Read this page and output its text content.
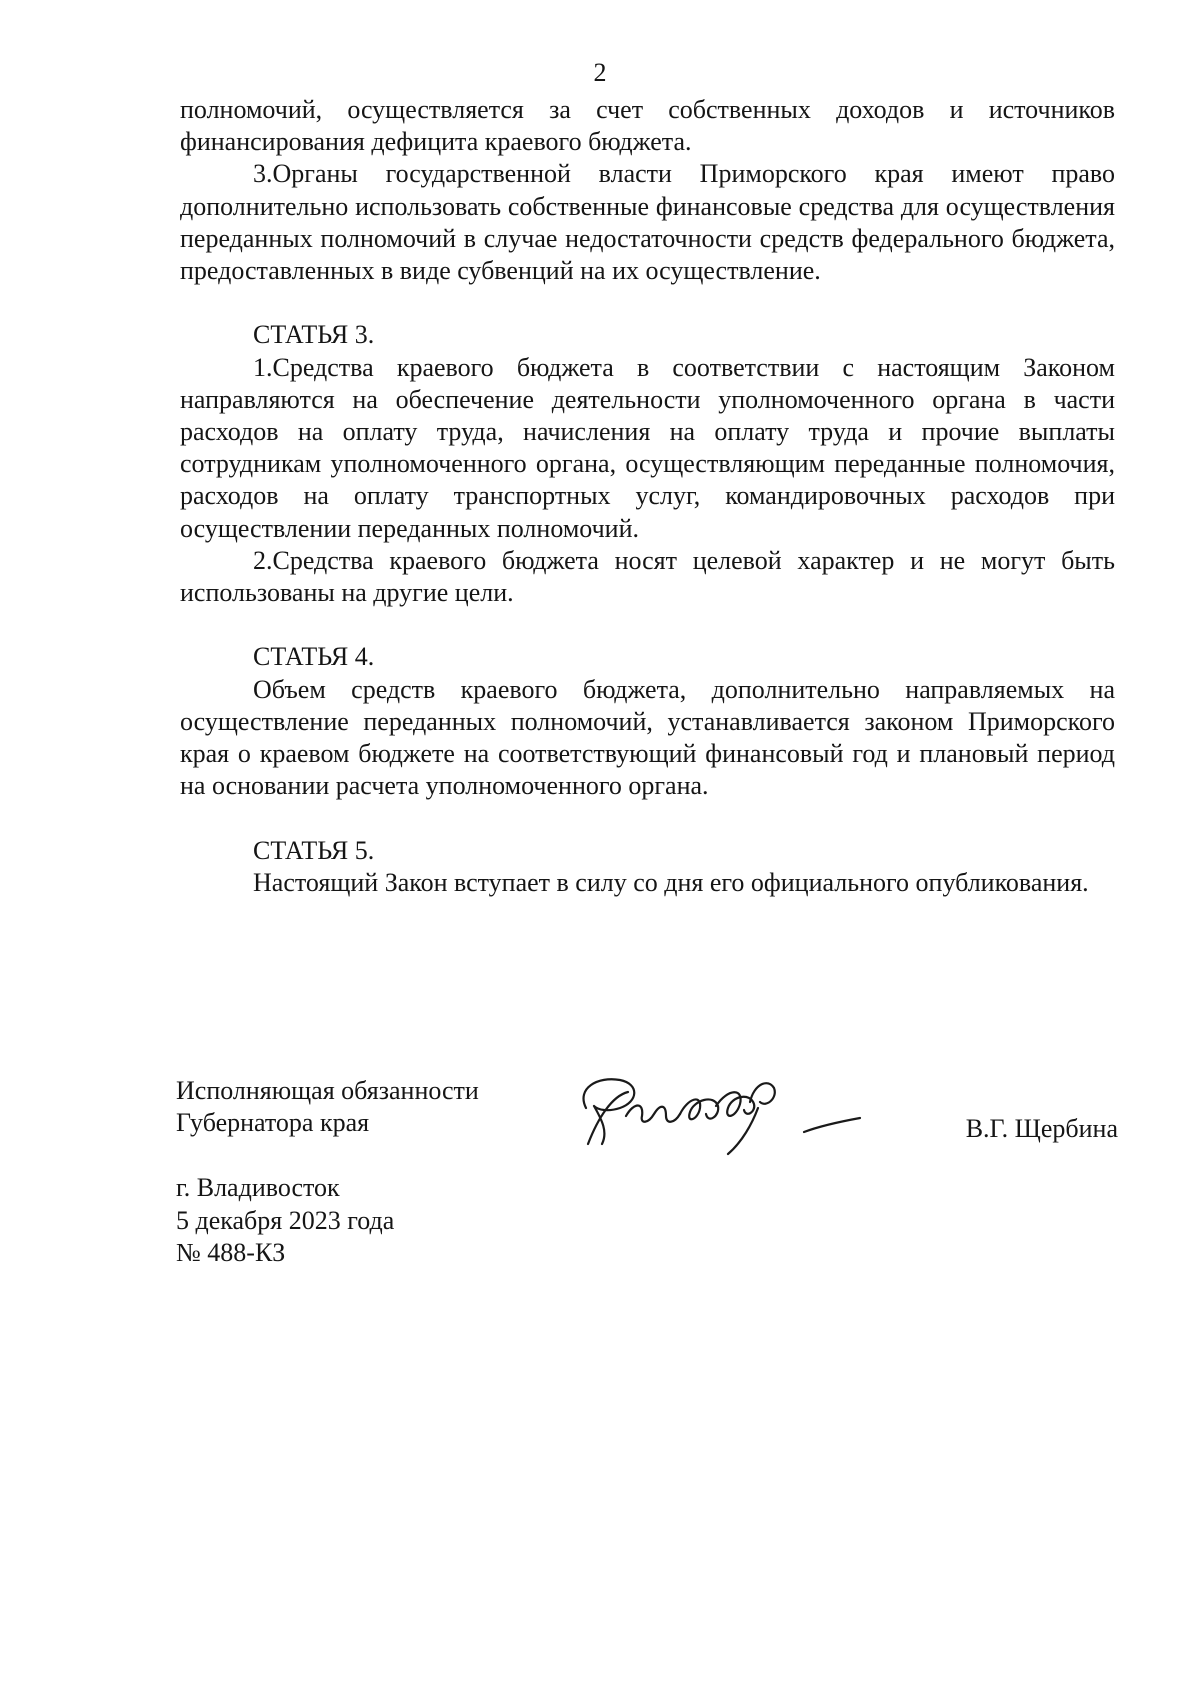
2

полномочий, осуществляется за счет собственных доходов и источников финансирования дефицита краевого бюджета.

3.Органы государственной власти Приморского края имеют право дополнительно использовать собственные финансовые средства для осуществления переданных полномочий в случае недостаточности средств федерального бюджета, предоставленных в виде субвенций на их осуществление.

СТАТЬЯ 3.

1.Средства краевого бюджета в соответствии с настоящим Законом направляются на обеспечение деятельности уполномоченного органа в части расходов на оплату труда, начисления на оплату труда и прочие выплаты сотрудникам уполномоченного органа, осуществляющим переданные полномочия, расходов на оплату транспортных услуг, командировочных расходов при осуществлении переданных полномочий.

2.Средства краевого бюджета носят целевой характер и не могут быть использованы на другие цели.

СТАТЬЯ 4.

Объем средств краевого бюджета, дополнительно направляемых на осуществление переданных полномочий, устанавливается законом Приморского края о краевом бюджете на соответствующий финансовый год и плановый период на основании расчета уполномоченного органа.

СТАТЬЯ 5.

Настоящий Закон вступает в силу со дня его официального опубликования.

Исполняющая обязанности
Губернатора края	В.Г. Щербина
г. Владивосток
5 декабря 2023 года
№ 488-КЗ
